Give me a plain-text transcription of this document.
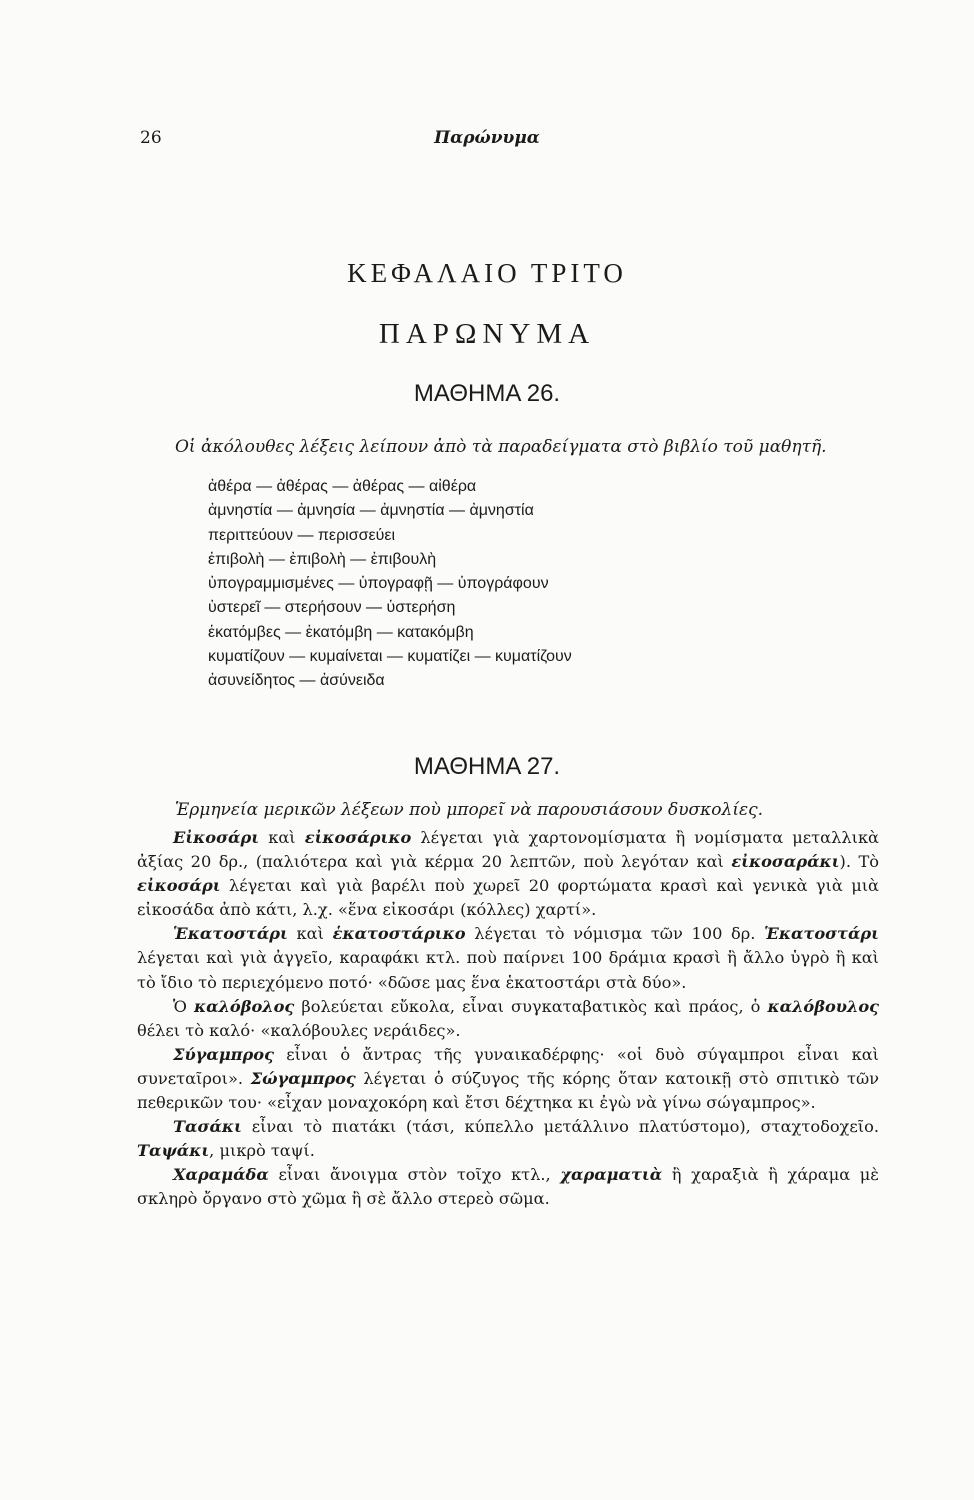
26	Παρώνυμα
ΚΕΦΑΛΑΙΟ ΤΡΙΤΟ
ΠΑΡΩΝΥΜΑ
ΜΑΘΗΜΑ 26.
Οἱ ἀκόλουθες λέξεις λείπουν ἀπὸ τὰ παραδείγματα στὸ βιβλίο τοῦ μαθητῆ.
ἀθέρα — ἀθέρας — ἀθέρας — αἰθέρα
ἀμνηστία — ἀμνησία — ἀμνηστία — ἀμνηστία
περιττεύουν — περισσεύει
ἐπιβολὴ — ἐπιβολὴ — ἐπιβουλὴ
ὑπογραμμισμένες — ὑπογραφῇ — ὑπογράφουν
ὑστερεῖ — στερήσουν — ὑστερήση
ἑκατόμβες — ἑκατόμβη — κατακόμβη
κυματίζουν — κυμαίνεται — κυματίζει — κυματίζουν
ἀσυνείδητος — ἀσύνειδα
ΜΑΘΗΜΑ 27.
Ἑρμηνεία μερικῶν λέξεων ποὺ μπορεῖ νὰ παρουσιάσουν δυσκολίες.

Εἰκοσάρι καὶ εἰκοσάρικο λέγεται γιὰ χαρτονομίσματα ἢ νομίσματα μεταλλικὰ ἀξίας 20 δρ., (παλιότερα καὶ γιὰ κέρμα 20 λεπτῶν, ποὺ λεγόταν καὶ εἰκοσαράκι). Τὸ εἰκοσάρι λέγεται καὶ γιὰ βαρέλι ποὺ χωρεῖ 20 φορτώματα κρασὶ καὶ γενικὰ γιὰ μιὰ εἰκοσάδα ἀπὸ κάτι, λ.χ. «ἕνα εἰκοσάρι (κόλλες) χαρτί».

Ἑκατοστάρι καὶ ἑκατοστάρικο λέγεται τὸ νόμισμα τῶν 100 δρ. Ἑκατοστάρι λέγεται καὶ γιὰ ἀγγεῖο, καραφάκι κτλ. ποὺ παίρνει 100 δράμια κρασὶ ἢ ἄλλο ὑγρὸ ἢ καὶ τὸ ἴδιο τὸ περιεχόμενο ποτό· «δῶσε μας ἕνα ἑκατοστάρι στὰ δύο».

Ὁ καλόβολος βολεύεται εὔκολα, εἶναι συγκαταβατικὸς καὶ πράος, ὁ καλόβουλος θέλει τὸ καλό· «καλόβουλες νεράιδες».

Σύγαμπρος εἶναι ὁ ἄντρας τῆς γυναικαδέρφης· «οἱ δυὸ σύγαμπροι εἶναι καὶ συνεταῖροι». Σώγαμπρος λέγεται ὁ σύζυγος τῆς κόρης ὅταν κατοικῇ στὸ σπιτικὸ τῶν πεθερικῶν του· «εἶχαν μοναχοκόρη καὶ ἔτσι δέχτηκα κι ἐγὼ νὰ γίνω σώγαμπρος».

Τασάκι εἶναι τὸ πιατάκι (τάσι, κύπελλο μετάλλινο πλατύστομο), σταχτοδοχεῖο. Ταψάκι, μικρὸ ταψί.

Χαραμάδα εἶναι ἄνοιγμα στὸν τοῖχο κτλ., χαραματιὰ ἢ χαραξιὰ ἢ χάραμα μὲ σκληρὸ ὄργανο στὸ χῶμα ἢ σὲ ἄλλο στερεὸ σῶμα.
